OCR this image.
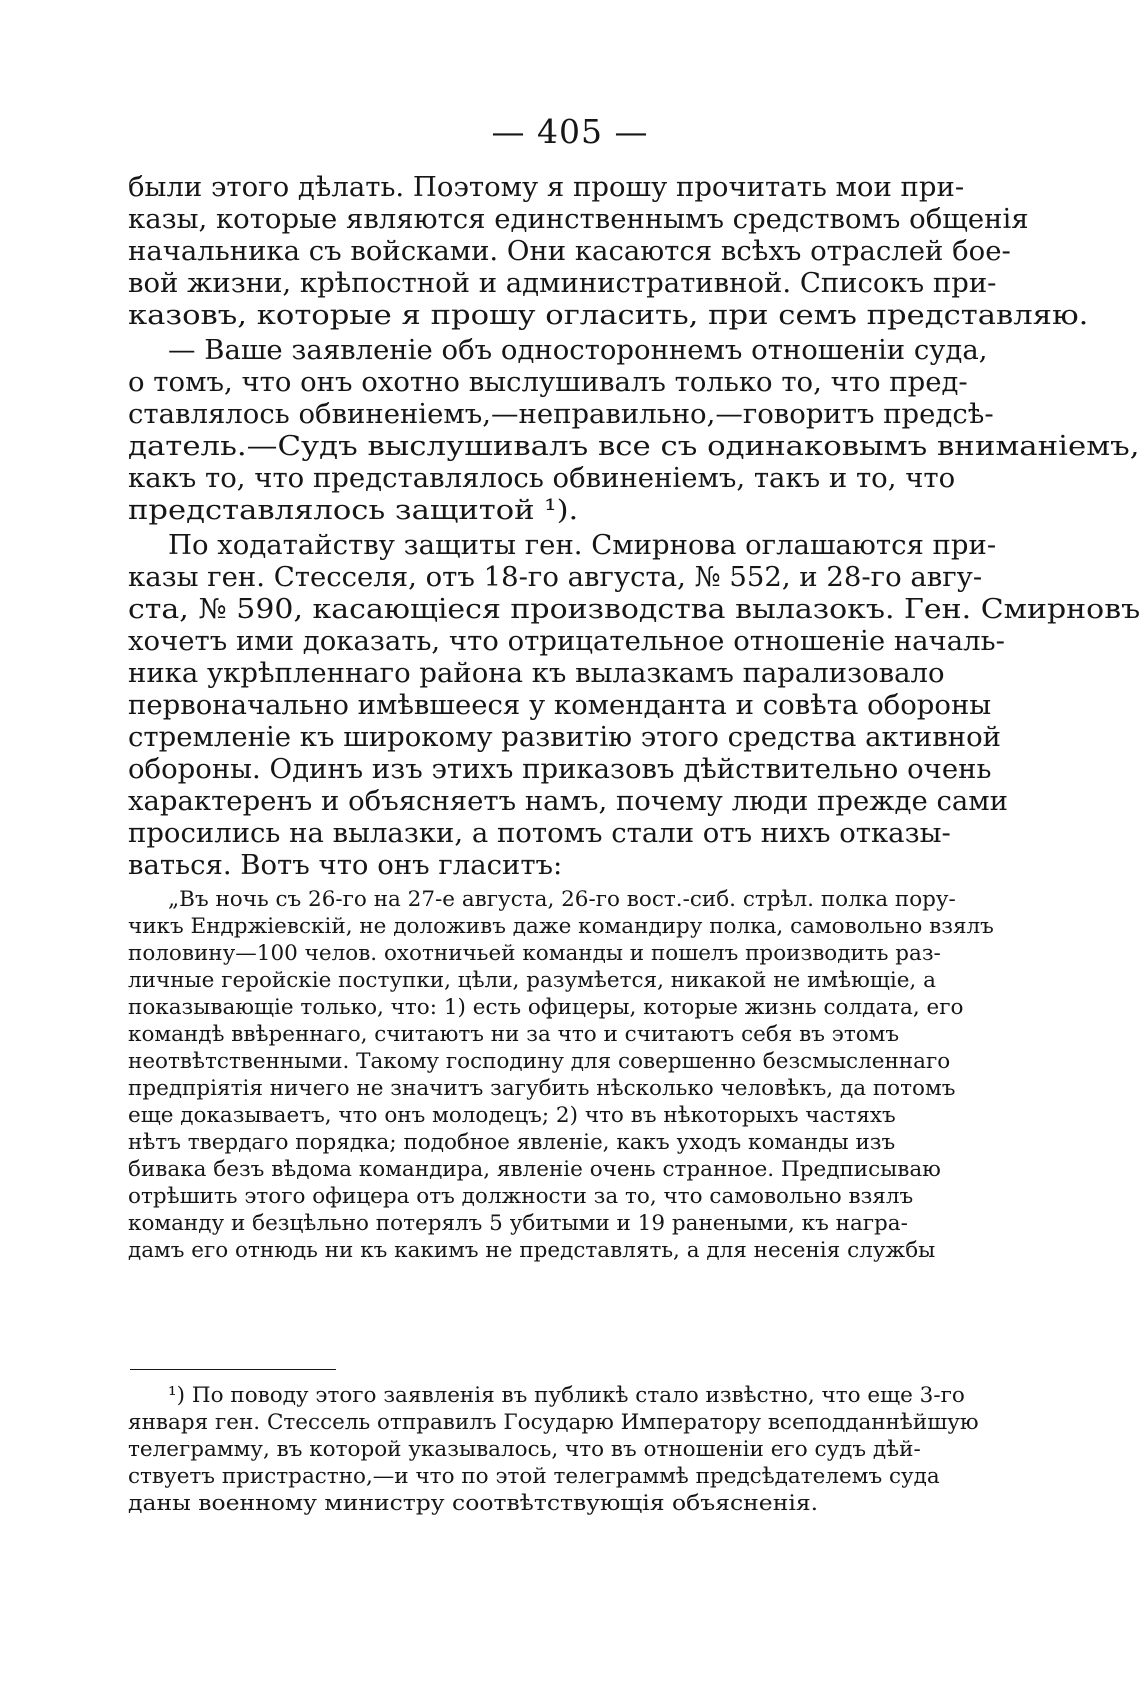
— 405 —
были этого дѣлать. Поэтому я прошу прочитать мои при-
казы, которые являются единственнымъ средствомъ общенія
начальника съ войсками. Они касаются всѣхъ отраслей бое-
вой жизни, крѣпостной и административной. Списокъ при-
казовъ, которые я прошу огласить, при семъ представляю.
— Ваше заявленіе объ одностороннемъ отношеніи суда,
о томъ, что онъ охотно выслушивалъ только то, что пред-
ставлялось обвиненіемъ,—неправильно,—говоритъ предсѣ-
датель.—Судъ выслушивалъ все съ одинаковымъ вниманіемъ,
какъ то, что представлялось обвиненіемъ, такъ и то, что
представлялось защитой ¹).
По ходатайству защиты ген. Смирнова оглашаются при-
казы ген. Стесселя, отъ 18-го августа, № 552, и 28-го авгу-
ста, № 590, касающіеся производства вылазокъ. Ген. Смирновъ
хочетъ ими доказать, что отрицательное отношеніе началь-
ника укрѣпленнаго района къ вылазкамъ парализовало
первоначально имѣвшееся у коменданта и совѣта обороны
стремленіе къ широкому развитію этого средства активной
обороны. Одинъ изъ этихъ приказовъ дѣйствительно очень
характеренъ и объясняетъ намъ, почему люди прежде сами
просились на вылазки, а потомъ стали отъ нихъ отказы-
ваться. Вотъ что онъ гласитъ:
„Въ ночь съ 26-го на 27-е августа, 26-го вост.-сиб. стрѣл. полка пору-
чикъ Ендржіевскій, не доложивъ даже командиру полка, самовольно взялъ
половину—100 челов. охотничьей команды и пошелъ производить раз-
личные геройскіе поступки, цѣли, разумѣется, никакой не имѣющіе, а
показывающіе только, что: 1) есть офицеры, которые жизнь солдата, его
командѣ ввѣреннаго, считаютъ ни за что и считаютъ себя въ этомъ
неотвѣтственными. Такому господину для совершенно безсмысленнаго
предпріятія ничего не значитъ загубить нѣсколько человѣкъ, да потомъ
еще доказываетъ, что онъ молодецъ; 2) что въ нѣкоторыхъ частяхъ
нѣтъ твердаго порядка; подобное явленіе, какъ уходъ команды изъ
бивака безъ вѣдома командира, явленіе очень странное. Предписываю
отрѣшить этого офицера отъ должности за то, что самовольно взялъ
команду и безцѣльно потерялъ 5 убитыми и 19 ранеными, къ награ-
дамъ его отнюдь ни къ какимъ не представлять, а для несенія службы
¹) По поводу этого заявленія въ публикѣ стало извѣстно, что еще 3-го
января ген. Стессель отправилъ Государю Императору всеподданнѣйшую
телеграмму, въ которой указывалось, что въ отношеніи его судъ дѣй-
ствуетъ пристрастно,—и что по этой телеграммѣ предсѣдателемъ суда
даны военному министру соотвѣтствующія объясненія.
